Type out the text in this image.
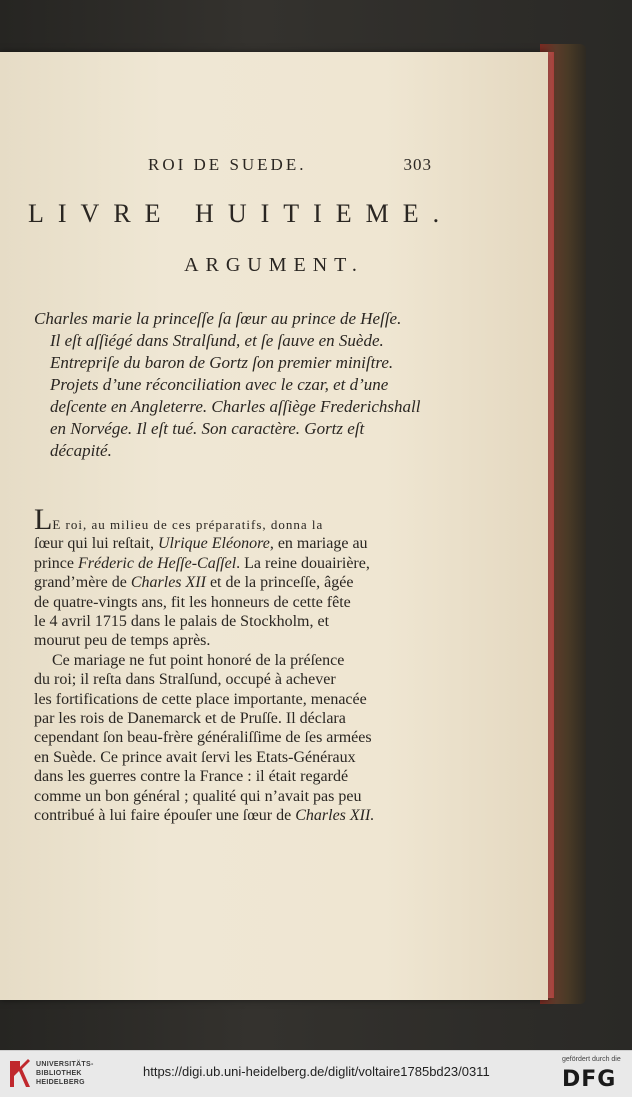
ROI DE SUEDE.	303
LIVRE HUITIEME.
ARGUMENT.
Charles marie la princeſſe ſa ſœur au prince de Heſſe.
Il eſt aſſiégé dans Stralſund, et ſe ſauve en Suède.
Entrepriſe du baron de Gortz ſon premier miniſtre.
Projets d’une réconciliation avec le czar, et d’une
deſcente en Angleterre. Charles aſſiège Frederichshall
en Norvége. Il eſt tué. Son caractère. Gortz eſt
décapité.
LE roi, au milieu de ces préparatifs, donna la
ſœur qui lui reſtait, Ulrique Eléonore, en mariage au
prince Fréderic de Heſſe-Caſſel. La reine douairière,
grand’mère de Charles XII et de la princeſſe, âgée
de quatre-vingts ans, fit les honneurs de cette fête
le 4 avril 1715 dans le palais de Stockholm, et
mourut peu de temps après.
Ce mariage ne fut point honoré de la préſence
du roi; il reſta dans Stralſund, occupé à achever
les fortifications de cette place importante, menacée
par les rois de Danemarck et de Pruſſe. Il déclara
cependant ſon beau-frère généraliſſime de ſes armées
en Suède. Ce prince avait ſervi les Etats-Généraux
dans les guerres contre la France : il était regardé
comme un bon général ; qualité qui n’avait pas peu
contribué à lui faire épouſer une ſœur de Charles XII.
UNIVERSITÄTS-
BIBLIOTHEK
HEIDELBERG
https://digi.ub.uni-heidelberg.de/diglit/voltaire1785bd23/0311
gefördert durch die
DFG
